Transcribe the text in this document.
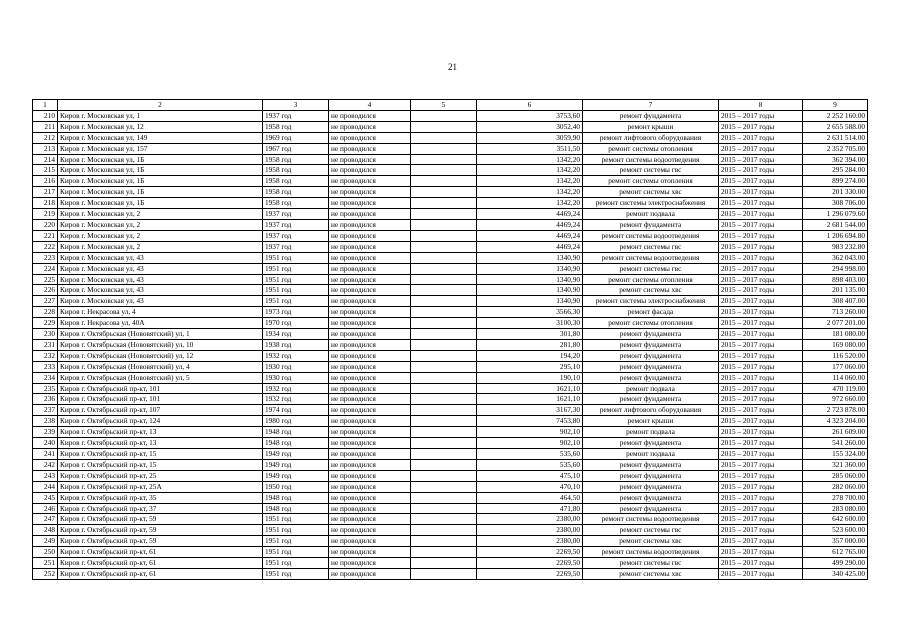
21
1	2	3	4	5	6	7	8	9
210	Киров г. Московская ул, 1	1937 год	не проводился		3753,60	ремонт фундамента	2015 – 2017 годы	2 252 160.00
211	Киров г. Московская ул, 12	1958 год	не проводился		3052,40	ремонт крыши	2015 – 2017 годы	2 655 588.00
212	Киров г. Московская ул, 149	1969 год	не проводился		3059,90	ремонт лифтового оборудования	2015 – 2017 годы	2 631 514.00
213	Киров г. Московская ул, 157	1967 год	не проводился		3511,50	ремонт системы отопления	2015 – 2017 годы	2 352 705.00
214	Киров г. Московская ул, 1Б	1958 год	не проводился		1342,20	ремонт системы водоотведения	2015 – 2017 годы	362 394.00
215	Киров г. Московская ул, 1Б	1958 год	не проводился		1342,20	ремонт системы гвс	2015 – 2017 годы	295 284.00
216	Киров г. Московская ул, 1Б	1958 год	не проводился		1342,20	ремонт системы отопления	2015 – 2017 годы	899 274.00
217	Киров г. Московская ул, 1Б	1958 год	не проводился		1342,20	ремонт системы хвс	2015 – 2017 годы	201 330.00
218	Киров г. Московская ул, 1Б	1958 год	не проводился		1342,20	ремонт системы электроснабжения	2015 – 2017 годы	308 706.00
219	Киров г. Московская ул, 2	1937 год	не проводился		4469,24	ремонт подвала	2015 – 2017 годы	1 296 079.60
220	Киров г. Московская ул, 2	1937 год	не проводился		4469,24	ремонт фундамента	2015 – 2017 годы	2 681 544.00
221	Киров г. Московская ул, 2	1937 год	не проводился		4469,24	ремонт системы водоотведения	2015 – 2017 годы	1 206 694.80
222	Киров г. Московская ул, 2	1937 год	не проводился		4469,24	ремонт системы гвс	2015 – 2017 годы	983 232.80
223	Киров г. Московская ул, 43	1951 год	не проводился		1340,90	ремонт системы водоотведения	2015 – 2017 годы	362 043.00
224	Киров г. Московская ул, 43	1951 год	не проводился		1340,90	ремонт системы гвс	2015 – 2017 годы	294 998.00
225	Киров г. Московская ул, 43	1951 год	не проводился		1340,90	ремонт системы отопления	2015 – 2017 годы	898 403.00
226	Киров г. Московская ул, 43	1951 год	не проводился		1340,90	ремонт системы хвс	2015 – 2017 годы	201 135.00
227	Киров г. Московская ул, 43	1951 год	не проводился		1340,90	ремонт системы электроснабжения	2015 – 2017 годы	308 407.00
228	Киров г. Некрасова ул, 4	1973 год	не проводился		3566,30	ремонт фасада	2015 – 2017 годы	713 260.00
229	Киров г. Некрасова ул, 40А	1970 год	не проводился		3100,30	ремонт системы отопления	2015 – 2017 годы	2 077 201.00
230	Киров г. Октябрьская (Нововятский) ул, 1	1934 год	не проводился		301,80	ремонт фундамента	2015 – 2017 годы	181 080.00
231	Киров г. Октябрьская (Нововятский) ул, 10	1938 год	не проводился		281,80	ремонт фундамента	2015 – 2017 годы	169 080.00
232	Киров г. Октябрьская (Нововятский) ул, 12	1932 год	не проводился		194,20	ремонт фундамента	2015 – 2017 годы	116 520.00
233	Киров г. Октябрьская (Нововятский) ул, 4	1930 год	не проводился		295,10	ремонт фундамента	2015 – 2017 годы	177 060.00
234	Киров г. Октябрьская (Нововятский) ул, 5	1930 год	не проводился		190,10	ремонт фундамента	2015 – 2017 годы	114 060.00
235	Киров г. Октябрьский пр-кт, 101	1932 год	не проводился		1621,10	ремонт подвала	2015 – 2017 годы	470 119.00
236	Киров г. Октябрьский пр-кт, 101	1932 год	не проводился		1621,10	ремонт фундамента	2015 – 2017 годы	972 660.00
237	Киров г. Октябрьский пр-кт, 107	1974 год	не проводился		3167,30	ремонт лифтового оборудования	2015 – 2017 годы	2 723 878.00
238	Киров г. Октябрьский пр-кт, 124	1980 год	не проводился		7453,80	ремонт крыши	2015 – 2017 годы	4 323 204.00
239	Киров г. Октябрьский пр-кт, 13	1948 год	не проводился		902,10	ремонт подвала	2015 – 2017 годы	261 609.00
240	Киров г. Октябрьский пр-кт, 13	1948 год	не проводился		902,10	ремонт фундамента	2015 – 2017 годы	541 260.00
241	Киров г. Октябрьский пр-кт, 15	1949 год	не проводился		535,60	ремонт подвала	2015 – 2017 годы	155 324.00
242	Киров г. Октябрьский пр-кт, 15	1949 год	не проводился		535,60	ремонт фундамента	2015 – 2017 годы	321 360.00
243	Киров г. Октябрьский пр-кт, 25	1949 год	не проводился		475,10	ремонт фундамента	2015 – 2017 годы	285 060.00
244	Киров г. Октябрьский пр-кт, 25А	1950 год	не проводился		470,10	ремонт фундамента	2015 – 2017 годы	282 060.00
245	Киров г. Октябрьский пр-кт, 35	1948 год	не проводился		464,50	ремонт фундамента	2015 – 2017 годы	278 700.00
246	Киров г. Октябрьский пр-кт, 37	1948 год	не проводился		471,80	ремонт фундамента	2015 – 2017 годы	283 080.00
247	Киров г. Октябрьский пр-кт, 59	1951 год	не проводился		2380,00	ремонт системы водоотведения	2015 – 2017 годы	642 600.00
248	Киров г. Октябрьский пр-кт, 59	1951 год	не проводился		2380,00	ремонт системы гвс	2015 – 2017 годы	523 600.00
249	Киров г. Октябрьский пр-кт, 59	1951 год	не проводился		2380,00	ремонт системы хвс	2015 – 2017 годы	357 000.00
250	Киров г. Октябрьский пр-кт, 61	1951 год	не проводился		2269,50	ремонт системы водоотведения	2015 – 2017 годы	612 765.00
251	Киров г. Октябрьский пр-кт, 61	1951 год	не проводился		2269,50	ремонт системы гвс	2015 – 2017 годы	499 290.00
252	Киров г. Октябрьский пр-кт, 61	1951 год	не проводился		2269,50	ремонт системы хвс	2015 – 2017 годы	340 425.00
